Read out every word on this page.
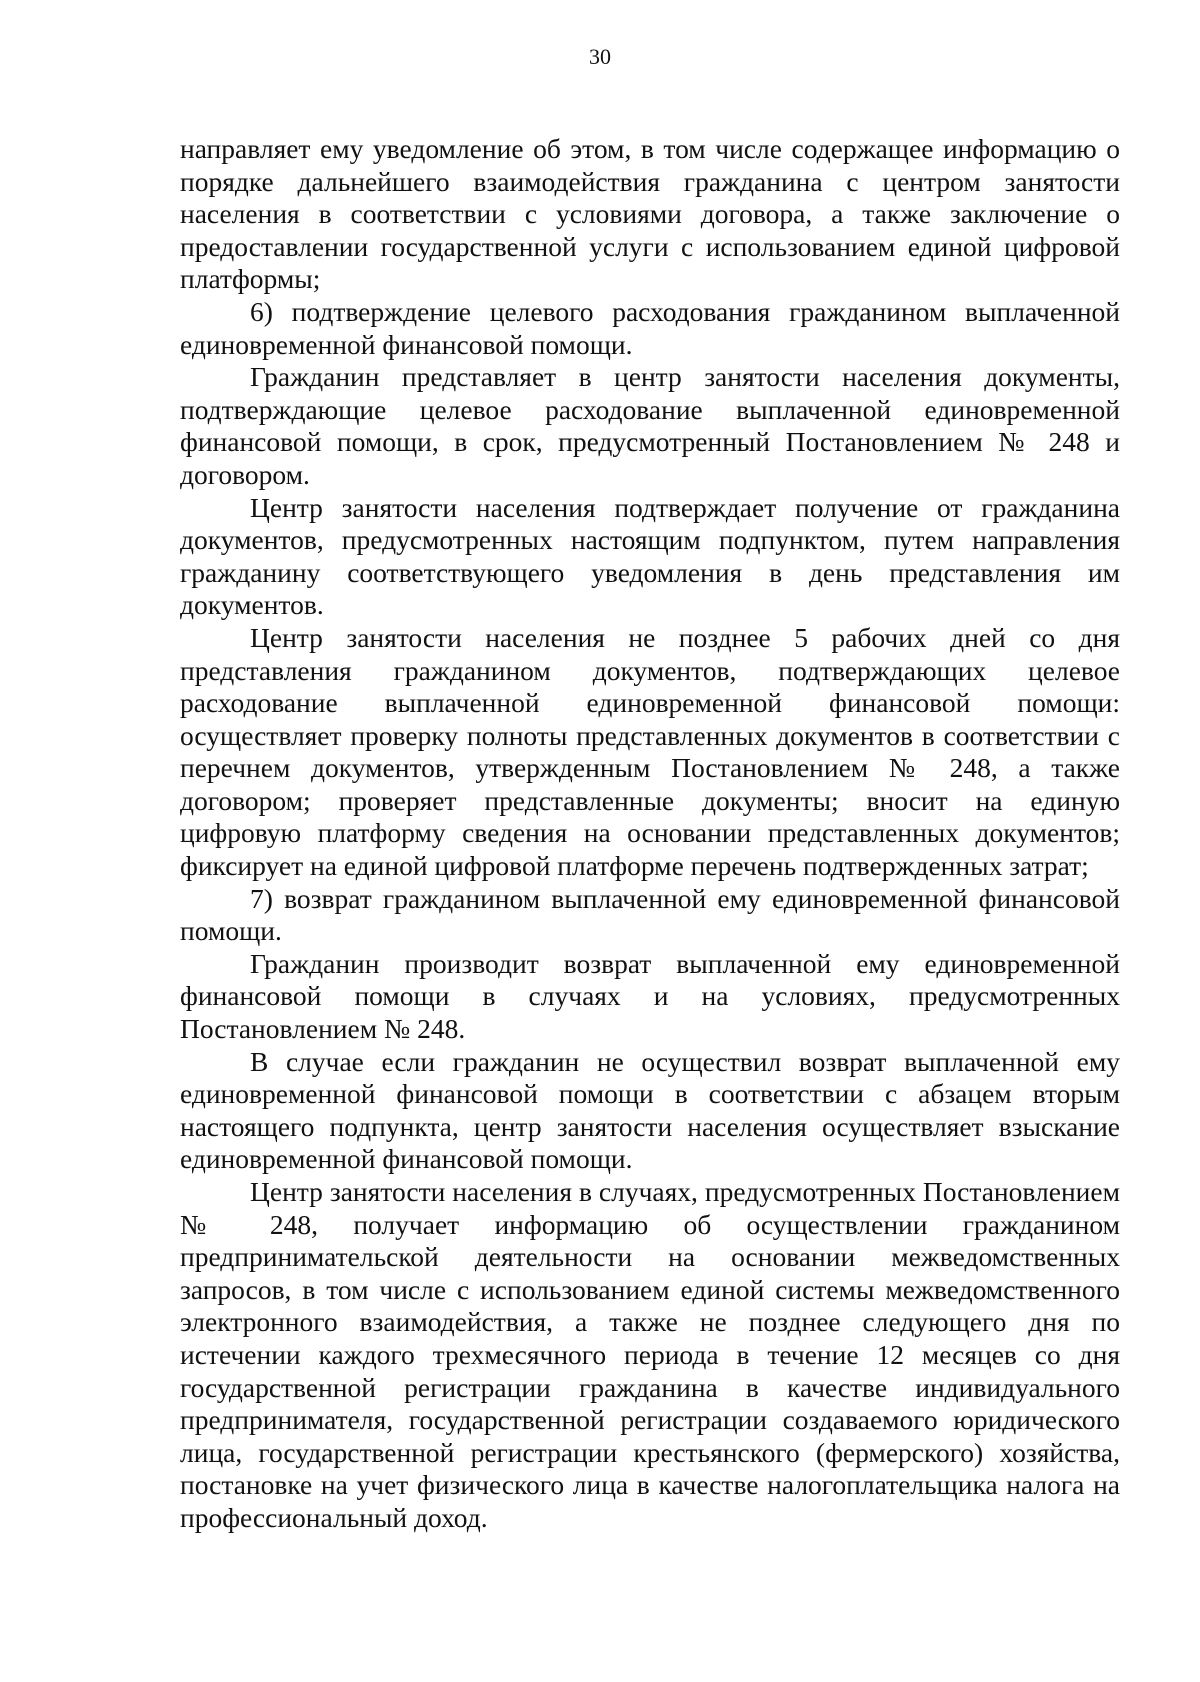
30

направляет ему уведомление об этом, в том числе содержащее информацию о порядке дальнейшего взаимодействия гражданина с центром занятости населения в соответствии с условиями договора, а также заключение о предоставлении государственной услуги с использованием единой цифровой платформы;

6) подтверждение целевого расходования гражданином выплаченной единовременной финансовой помощи.

Гражданин представляет в центр занятости населения документы, подтверждающие целевое расходование выплаченной единовременной финансовой помощи, в срок, предусмотренный Постановлением № 248 и договором.

Центр занятости населения подтверждает получение от гражданина документов, предусмотренных настоящим подпунктом, путем направления гражданину соответствующего уведомления в день представления им документов.

Центр занятости населения не позднее 5 рабочих дней со дня представления гражданином документов, подтверждающих целевое расходование выплаченной единовременной финансовой помощи: осуществляет проверку полноты представленных документов в соответствии с перечнем документов, утвержденным Постановлением № 248, а также договором; проверяет представленные документы; вносит на единую цифровую платформу сведения на основании представленных документов; фиксирует на единой цифровой платформе перечень подтвержденных затрат;

7) возврат гражданином выплаченной ему единовременной финансовой помощи.

Гражданин производит возврат выплаченной ему единовременной финансовой помощи в случаях и на условиях, предусмотренных Постановлением № 248.

В случае если гражданин не осуществил возврат выплаченной ему единовременной финансовой помощи в соответствии с абзацем вторым настоящего подпункта, центр занятости населения осуществляет взыскание единовременной финансовой помощи.

Центр занятости населения в случаях, предусмотренных Постановлением № 248, получает информацию об осуществлении гражданином предпринимательской деятельности на основании межведомственных запросов, в том числе с использованием единой системы межведомственного электронного взаимодействия, а также не позднее следующего дня по истечении каждого трехмесячного периода в течение 12 месяцев со дня государственной регистрации гражданина в качестве индивидуального предпринимателя, государственной регистрации создаваемого юридического лица, государственной регистрации крестьянского (фермерского) хозяйства, постановке на учет физического лица в качестве налогоплательщика налога на профессиональный доход.
